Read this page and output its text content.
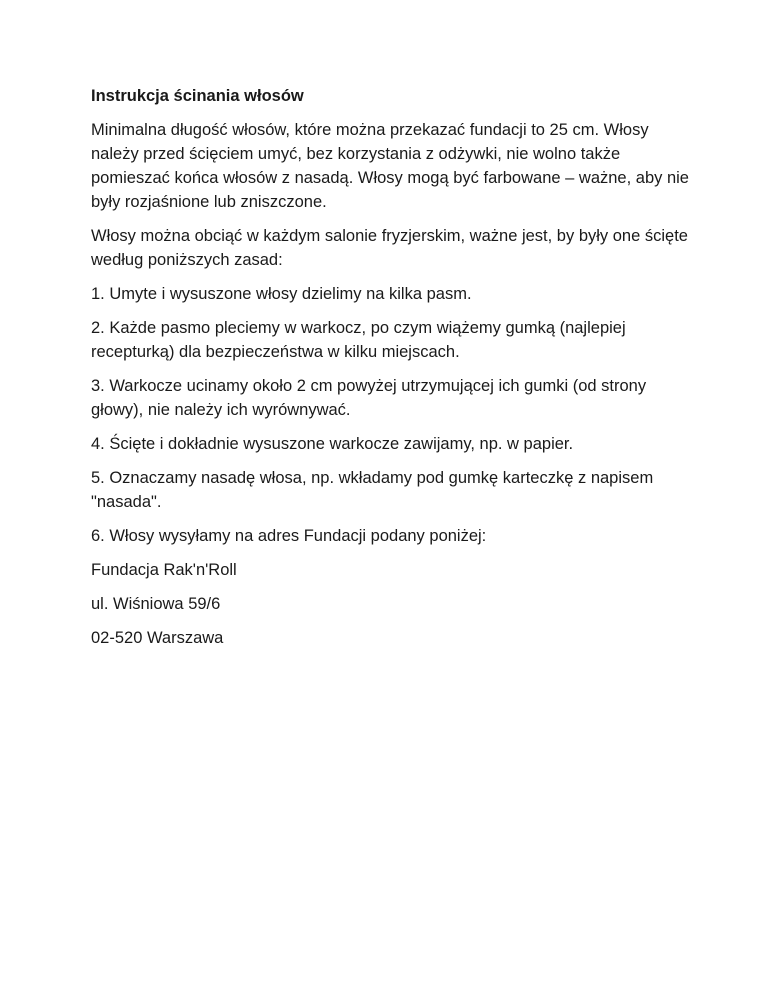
Instrukcja ścinania włosów

Minimalna długość włosów, które można przekazać fundacji to 25 cm. Włosy należy przed ścięciem umyć, bez korzystania z odżywki, nie wolno także pomieszać końca włosów z nasadą. Włosy mogą być farbowane – ważne, aby nie były rozjaśnione lub zniszczone.

Włosy można obciąć w każdym salonie fryzjerskim, ważne jest, by były one ścięte według poniższych zasad:

1. Umyte i wysuszone włosy dzielimy na kilka pasm.

2. Każde pasmo pleciemy w warkocz, po czym wiążemy gumką (najlepiej recepturką) dla bezpieczeństwa w kilku miejscach.

3. Warkocze ucinamy około 2 cm powyżej utrzymującej ich gumki (od strony głowy), nie należy ich wyrównywać.

4. Ścięte i dokładnie wysuszone warkocze zawijamy, np. w papier.

5. Oznaczamy nasadę włosa, np. wkładamy pod gumkę karteczkę z napisem "nasada".

6. Włosy wysyłamy na adres Fundacji podany poniżej:

Fundacja Rak'n'Roll

ul. Wiśniowa 59/6

02-520 Warszawa
